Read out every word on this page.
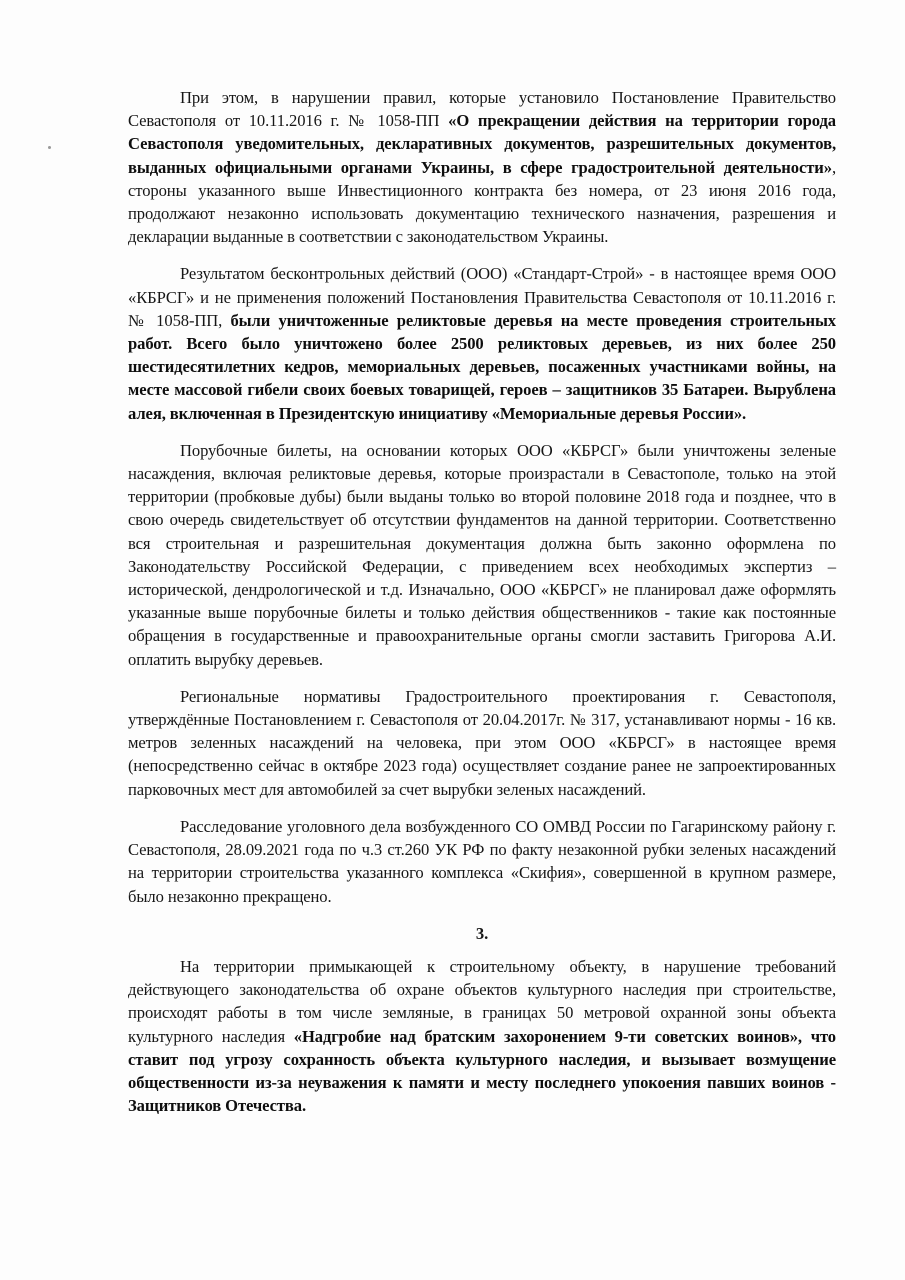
При этом, в нарушении правил, которые установило Постановление Правительство Севастополя от 10.11.2016 г. № 1058-ПП «О прекращении действия на территории города Севастополя уведомительных, декларативных документов, разрешительных документов, выданных официальными органами Украины, в сфере градостроительной деятельности», стороны указанного выше Инвестиционного контракта без номера, от 23 июня 2016 года, продолжают незаконно использовать документацию технического назначения, разрешения и декларации выданные в соответствии с законодательством Украины.

Результатом бесконтрольных действий (ООО) «Стандарт-Строй» - в настоящее время ООО «КБРСГ» и не применения положений Постановления Правительства Севастополя от 10.11.2016 г. № 1058-ПП, были уничтоженные реликтовые деревья на месте проведения строительных работ. Всего было уничтожено более 2500 реликтовых деревьев, из них более 250 шестидесятилетних кедров, мемориальных деревьев, посаженных участниками войны, на месте массовой гибели своих боевых товарищей, героев – защитников 35 Батареи. Вырублена алея, включенная в Президентскую инициативу «Мемориальные деревья России».

Порубочные билеты, на основании которых ООО «КБРСГ» были уничтожены зеленые насаждения, включая реликтовые деревья, которые произрастали в Севастополе, только на этой территории (пробковые дубы) были выданы только во второй половине 2018 года и позднее, что в свою очередь свидетельствует об отсутствии фундаментов на данной территории. Соответственно вся строительная и разрешительная документация должна быть законно оформлена по Законодательству Российской Федерации, с приведением всех необходимых экспертиз – исторической, дендрологической и т.д. Изначально, ООО «КБРСГ» не планировал даже оформлять указанные выше порубочные билеты и только действия общественников - такие как постоянные обращения в государственные и правоохранительные органы смогли заставить Григорова А.И. оплатить вырубку деревьев.

Региональные нормативы Градостроительного проектирования г. Севастополя, утверждённые Постановлением г. Севастополя от 20.04.2017г. № 317, устанавливают нормы - 16 кв. метров зеленных насаждений на человека, при этом ООО «КБРСГ» в настоящее время (непосредственно сейчас в октябре 2023 года) осуществляет создание ранее не запроектированных парковочных мест для автомобилей за счет вырубки зеленых насаждений.

Расследование уголовного дела возбужденного СО ОМВД России по Гагаринскому району г. Севастополя, 28.09.2021 года по ч.3 ст.260 УК РФ по факту незаконной рубки зеленых насаждений на территории строительства указанного комплекса «Скифия», совершенной в крупном размере, было незаконно прекращено.

3.

На территории примыкающей к строительному объекту, в нарушение требований действующего законодательства об охране объектов культурного наследия при строительстве, происходят работы в том числе земляные, в границах 50 метровой охранной зоны объекта культурного наследия «Надгробие над братским захоронением 9-ти советских воинов», что ставит под угрозу сохранность объекта культурного наследия, и вызывает возмущение общественности из-за неуважения к памяти и месту последнего упокоения павших воинов - Защитников Отечества.
